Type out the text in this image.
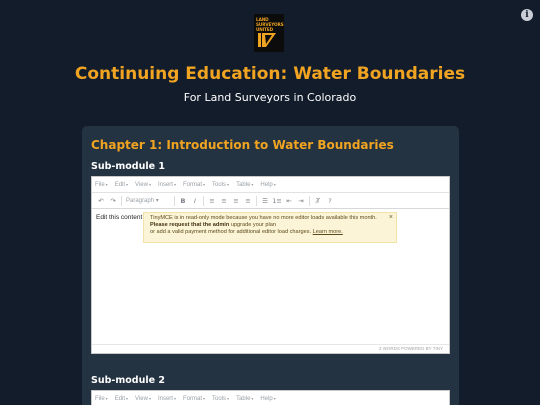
i
LAND
SURVEYORS
UNITED
Continuing Education: Water Boundaries
For Land Surveyors in Colorado
Chapter 1: Introduction to Water Boundaries
Sub-module 1
File▾ Edit▾ View▾ Insert▾ Format▾ Tools▾ Table▾ Help▾
↶	↷	Paragraph ▾	B	I	≡	≡	≡	≡	☰ 1≡ ⇤	⇥	T̸	?
Edit this content
3 WORDS POWERED BY TINY
Sub-module 2
File▾ Edit▾ View▾ Insert▾ Format▾ Tools▾ Table▾ Help▾
TinyMCE is in read-only mode because you have no more editor loads available this month.
Please request that the admin upgrade your plan
or add a valid payment method for additional editor load charges. Learn more.
×
